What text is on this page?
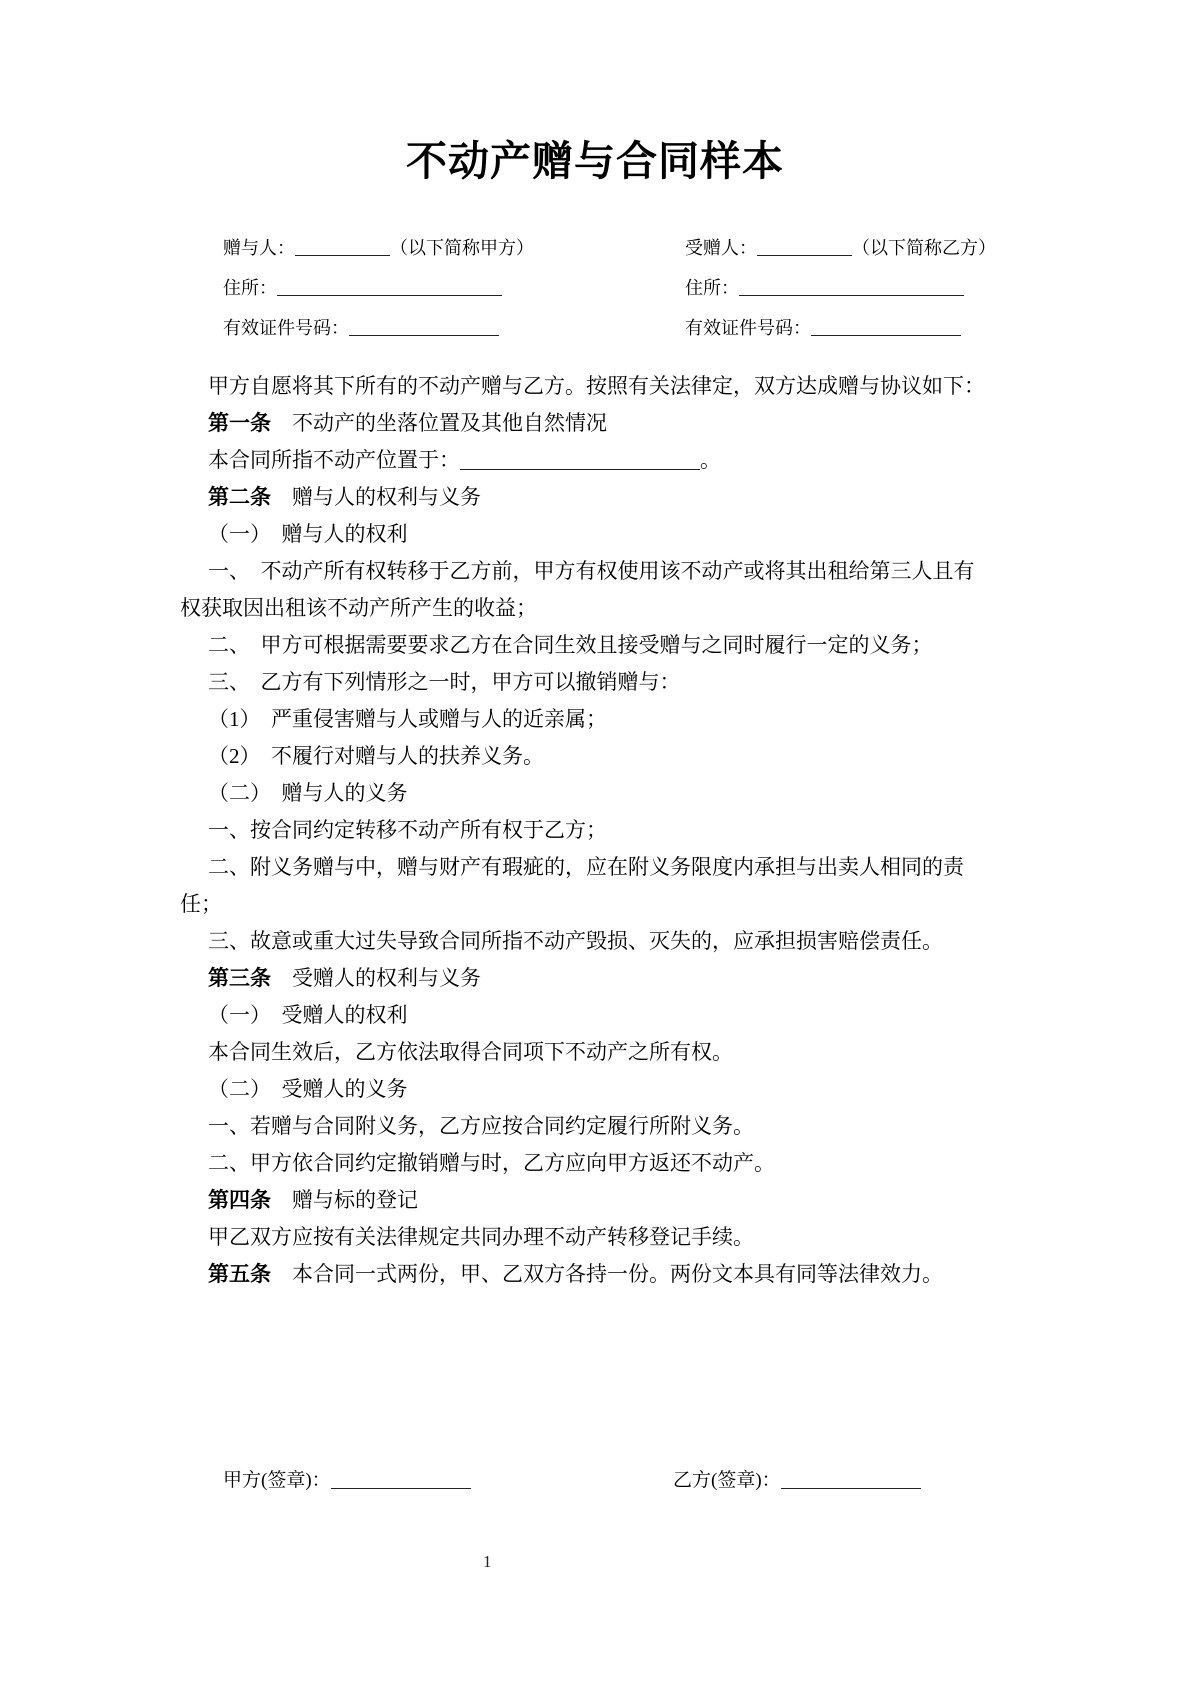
不动产赠与合同样本
赠与人：	（以下简称甲方）
住所：
有效证件号码：
受赠人：	（以下简称乙方）
住所：
有效证件号码：

甲方自愿将其下所有的不动产赠与乙方。按照有关法律定，双方达成赠与协议如下：

第一条　不动产的坐落位置及其他自然情况

本合同所指不动产位置于：	。

第二条　赠与人的权利与义务

（一）　赠与人的权利

一、　不动产所有权转移于乙方前，甲方有权使用该不动产或将其出租给第三人且有权获取因出租该不动产所产生的收益；

二、　甲方可根据需要要求乙方在合同生效且接受赠与之同时履行一定的义务；

三、　乙方有下列情形之一时，甲方可以撤销赠与：

（1）　严重侵害赠与人或赠与人的近亲属；

（2）　不履行对赠与人的扶养义务。

（二）　赠与人的义务

一、按合同约定转移不动产所有权于乙方；

二、附义务赠与中，赠与财产有瑕疵的，应在附义务限度内承担与出卖人相同的责任；

三、故意或重大过失导致合同所指不动产毁损、灭失的，应承担损害赔偿责任。

第三条　受赠人的权利与义务

（一）　受赠人的权利

本合同生效后，乙方依法取得合同项下不动产之所有权。

（二）　受赠人的义务

一、若赠与合同附义务，乙方应按合同约定履行所附义务。

二、甲方依合同约定撤销赠与时，乙方应向甲方返还不动产。

第四条　赠与标的登记

甲乙双方应按有关法律规定共同办理不动产转移登记手续。

第五条　本合同一式两份，甲、乙双方各持一份。两份文本具有同等法律效力。

甲方(签章)：	乙方(签章)：
1
